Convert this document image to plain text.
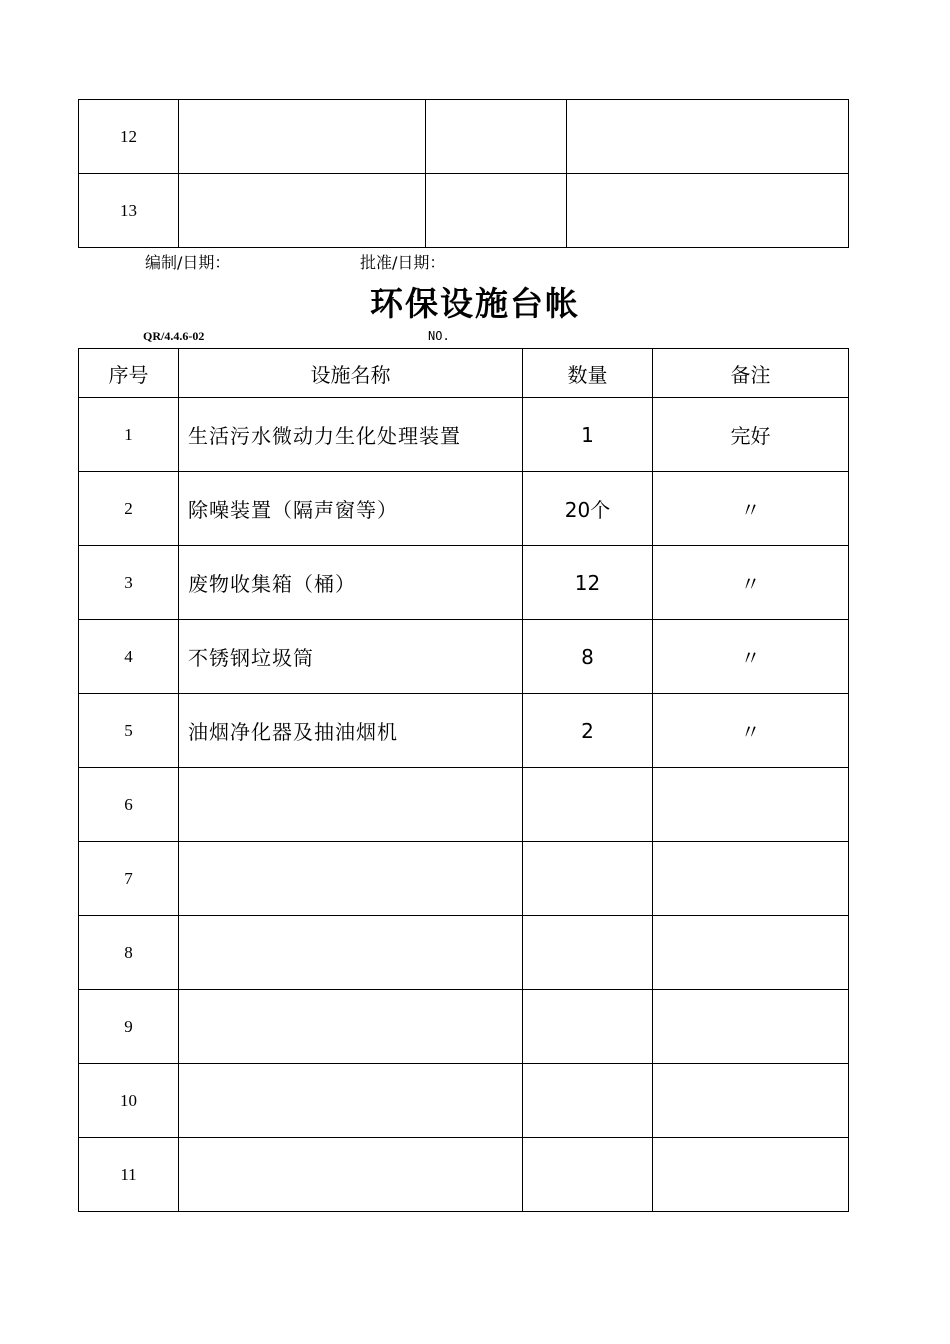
12			
13			
编制/日期：	批准/日期：
环保设施台帐
QR/4.4.6-02	NO.
序号	设施名称	数量	备注
1	生活污水微动力生化处理装置	1	完好
2	除噪装置（隔声窗等）	20个	〃
3	废物收集箱（桶）	12	〃
4	不锈钢垃圾筒	8	〃
5	油烟净化器及抽油烟机	2	〃
6			
7			
8			
9			
10			
11			
